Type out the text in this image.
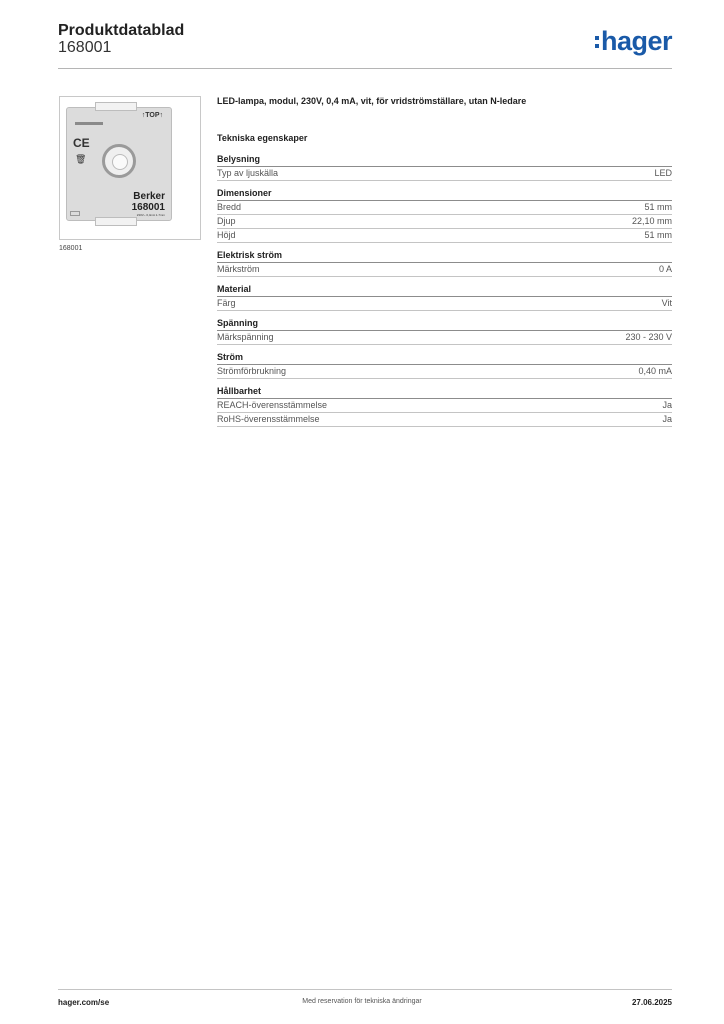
Produktdatablad
168001	hager
↑TOP↑
CE
🗑
Berker
168001
230V~ 0,4mA 1-7mm
168001
LED-lampa, modul, 230V, 0,4 mA, vit, för vridströmställare, utan N-ledare
Tekniska egenskaper
Belysning
Typ av ljuskälla	LED
Dimensioner
Bredd	51 mm
Djup	22,10 mm
Höjd	51 mm
Elektrisk ström
Märkström	0 A
Material
Färg	Vit
Spänning
Märkspänning	230 - 230 V
Ström
Strömförbrukning	0,40 mA
Hållbarhet
REACH-överensstämmelse	Ja
RoHS-överensstämmelse	Ja
hager.com/se	Med reservation för tekniska ändringar	27.06.2025
